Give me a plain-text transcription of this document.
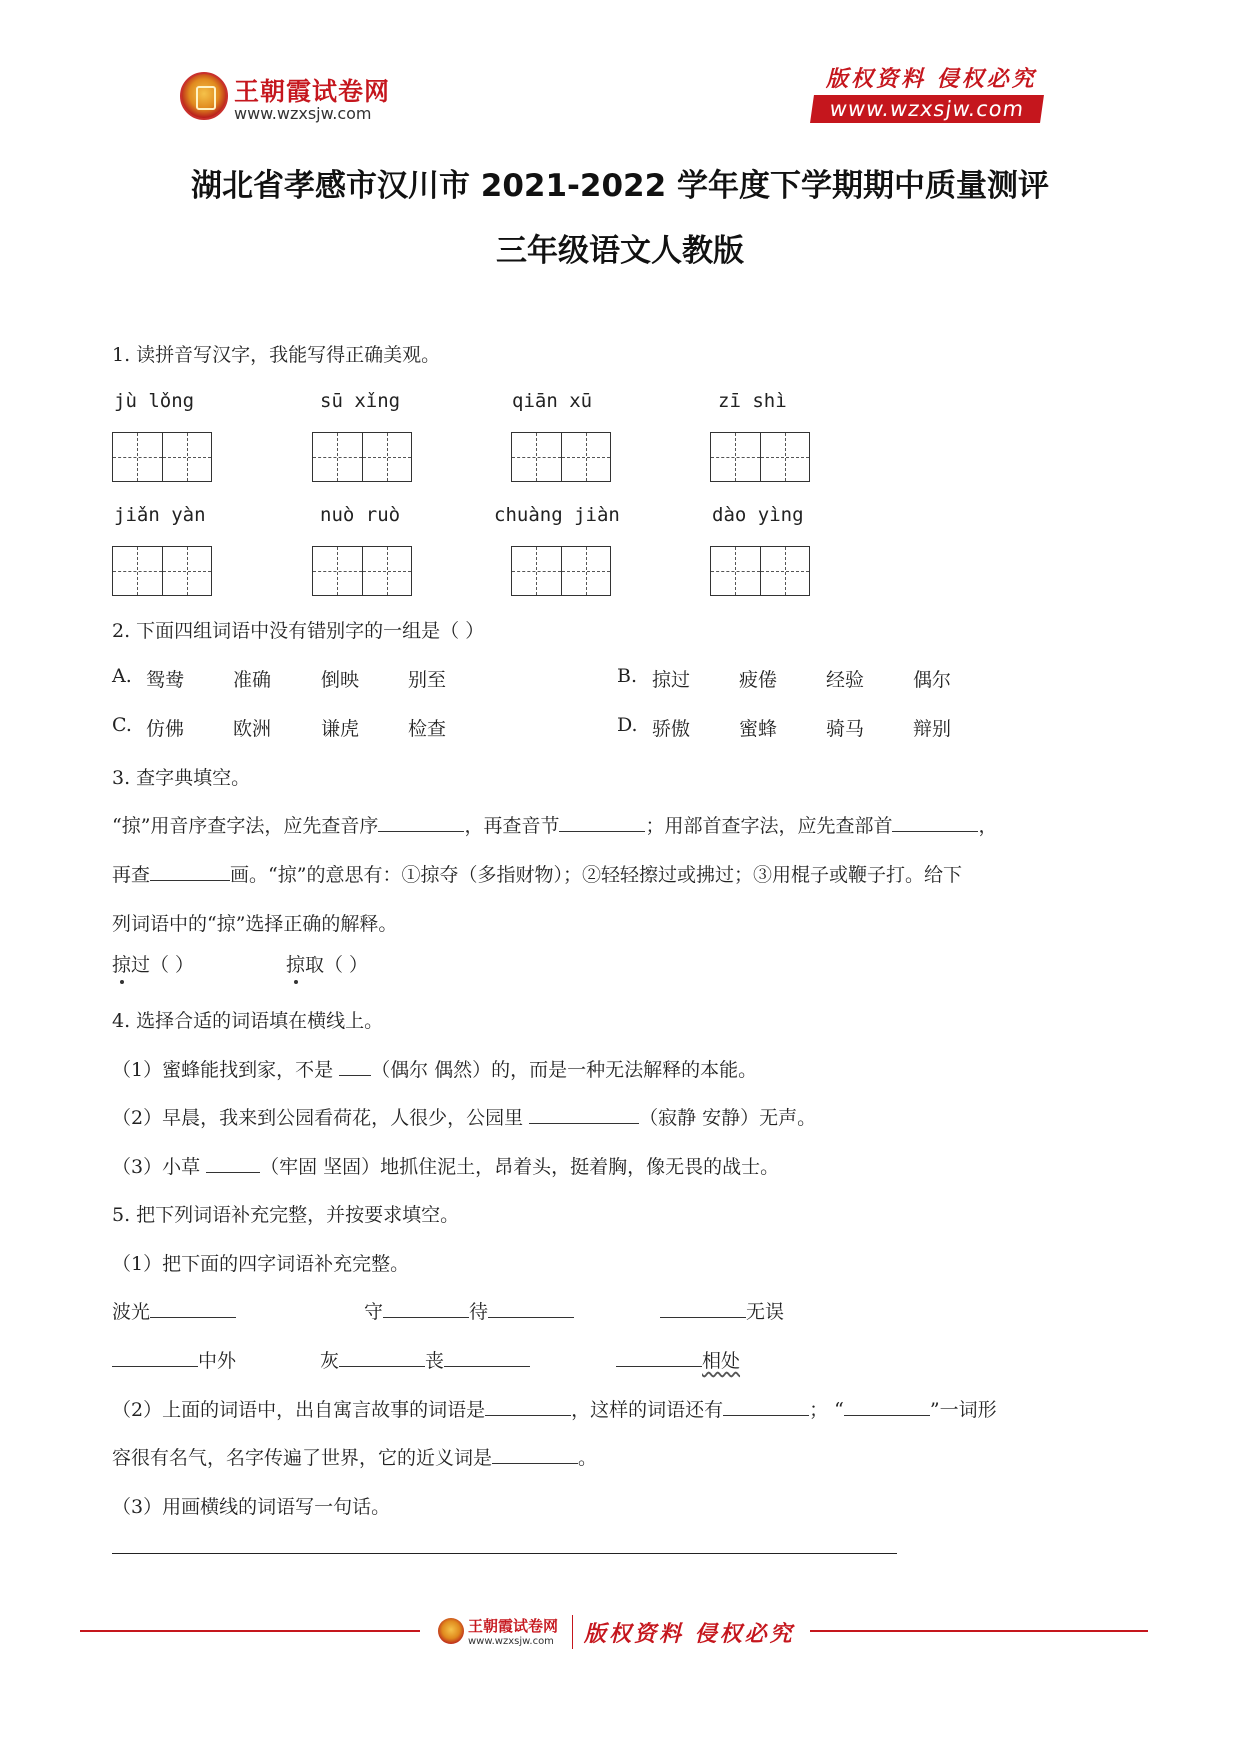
王朝霞试卷网
www.wzxsjw.com
版权资料 侵权必究
www.wzxsjw.com
湖北省孝感市汉川市 2021-2022 学年度下学期期中质量测评
三年级语文人教版
1. 读拼音写汉字，我能写得正确美观。
jù lǒng	sū xǐng	qiān xū	zī shì
jiǎn yàn	nuò ruò	chuàng jiàn	dào yìng
2. 下面四组词语中没有错别字的一组是（ ）
A. 鸳鸯	准确	倒映	别至	B. 掠过	疲倦	经验	偶尔
C. 仿佛	欧洲	谦虎	检查	D. 骄傲	蜜蜂	骑马	辩别
3. 查字典填空。
“掠”用音序查字法，应先查音序	，再查音节	；用部首查字法，应先查部首	，
再查	画。“掠”的意思有：①掠夺（多指财物）；②轻轻擦过或拂过；③用棍子或鞭子打。给下
列词语中的“掠”选择正确的解释。
掠过（ ）	掠取（ ）
4. 选择合适的词语填在横线上。
（1）蜜蜂能找到家，不是 （偶尔 偶然）的，而是一种无法解释的本能。
（2）早晨，我来到公园看荷花，人很少，公园里	（寂静 安静）无声。
（3）小草	（牢固 坚固）地抓住泥土，昂着头，挺着胸，像无畏的战士。
5. 把下列词语补充完整，并按要求填空。
（1）把下面的四字词语补充完整。
波光	守	待	无误
中外	灰	丧	相处
（2）上面的词语中，出自寓言故事的词语是	，这样的词语还有	； “	”一词形
容很有名气，名字传遍了世界，它的近义词是	。
（3）用画横线的词语写一句话。
王朝霞试卷网
www.wzxsjw.com 版权资料 侵权必究
